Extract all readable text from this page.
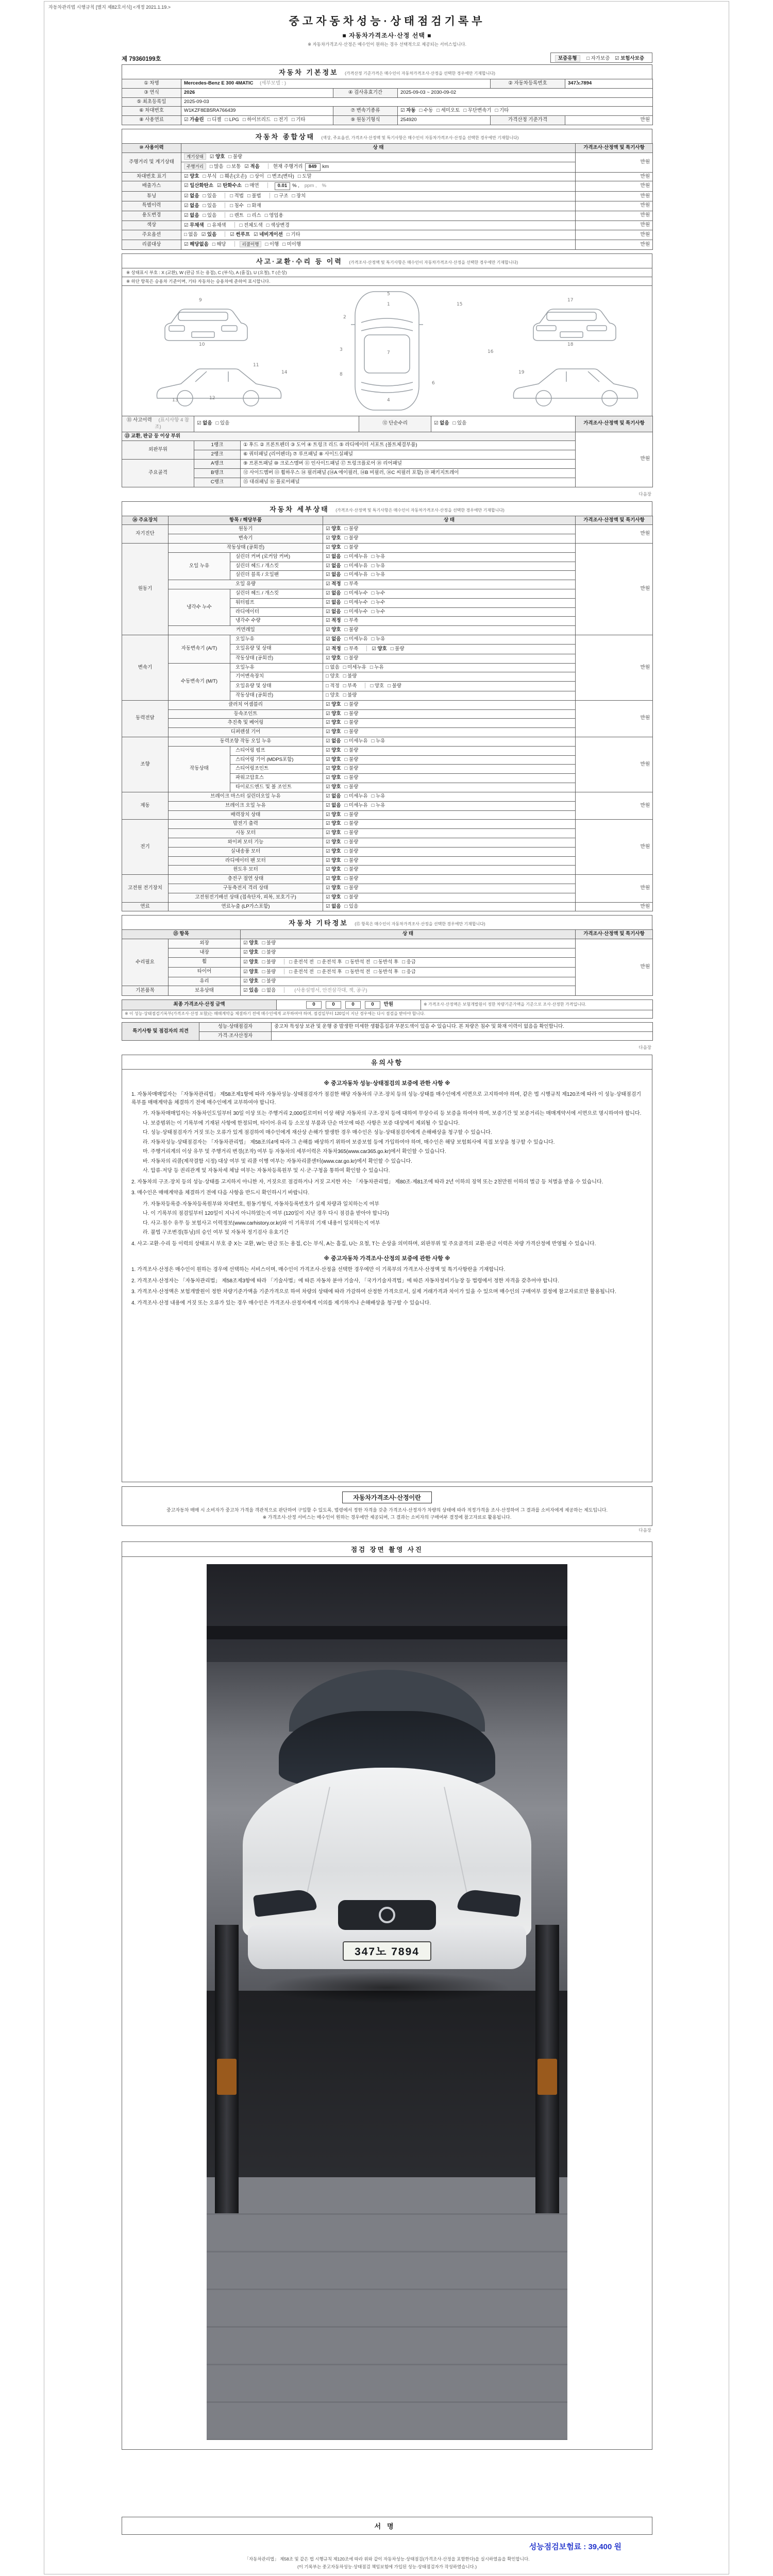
자동차관리법 시행규칙 [별지 제82호서식] <개정 2021.1.19.>
중고자동차성능·상태점검기록부
■ 자동차가격조사·산정 선택 ■
※ 자동차가격조사·산정은 매수인이 원하는 경우 선택적으로 제공되는 서비스입니다.
제 79360199호	보증유형 □ 자가보증 ☑ 보험사보증
자동차 기본정보 (가격산정 기준가격은 매수인이 자동차가격조사·산정을 선택한 경우에만 기재합니다)
① 차명	Mercedes-Benz E 300 4MATIC (세부모델 : )			② 자동차등록번호	347노7894
③ 연식	2026	④ 검사유효기간	2025-09-03 ~ 2030-09-02		
⑤ 최초등록일	2025-09-03				
⑥ 차대번호	W1KZF8EB5RA766439	⑦ 변속기종류	☑ 자동 □ 수동 □ 세미오토 □ 무단변속기 □ 기타		
⑧ 사용연료	☑ 가솔린 □ 디젤 □ LPG □ 하이브리드 □ 전기 □ 기타	⑨ 원동기형식	254920	가격산정 기준가격	만원
자동차 종합상태 (색상, 주요옵션, 가격조사·산정액 및 특기사항은 매수인이 자동차가격조사·산정을 선택한 경우에만 기재합니다)
⑩ 사용이력	상 태	가격조사·산정액 및 특기사항
주행거리 및 계기상태	계기상태 ☑ 양호 □ 불량	만원
	주행거리 □ 많음 □ 보통 ☑ 적음 현재 주행거리 849 km	
차대번호 표기	☑ 양호 □ 부식 □ 훼손(오손) □ 상이 □ 변조(변타) □ 도말	만원
배출가스	☑ 일산화탄소 ☑ 탄화수소 □ 매연 0.01 % , ppm , %	만원
튜닝	☑ 없음 □ 있음 □ 적법 □ 불법 □ 구조 □ 장치	만원
특별이력	☑ 없음 □ 있음 □ 침수 □ 화재	만원
용도변경	☑ 없음 □ 있음 □ 렌트 □ 리스 □ 영업용	만원
색상	☑ 무채색 □ 유채색 □ 전체도색 □ 색상변경	만원
주요옵션	□ 없음 ☑ 있음 ☑ 썬루프 ☑ 네비게이션 □ 기타	만원
리콜대상	☑ 해당없음 □ 해당 리콜이행 □ 이행 □ 미이행	만원
사고·교환·수리 등 이력 (가격조사·산정액 및 특기사항은 매수인이 자동차가격조사·산정을 선택한 경우에만 기재합니다)
※ 상태표시 부호 : X (교환), W (판금 또는 용접), C (부식), A (흠집), U (요철), T (손상)
※ 하단 항목은 승용차 기준이며, 기타 자동차는 승용차에 준하여 표시합니다.
1
2
3
4
5
6
7
8
9
10
11
12
13
14
15
16
17
18
19
⑪ 사고이력 (표시사항 4 참조)	☑ 없음 □ 있음		⑫ 단순수리	☑ 없음 □ 있음	가격조사·산정액 및 특기사항
⑬ 교환, 판금 등 이상 부위					만원
외판부위	1랭크	① 후드 ② 프론트펜더 ③ 도어 ④ 트렁크 리드 ⑤ 라디에이터 서포트 (볼트체결부품)			
	2랭크	⑥ 쿼터패널 (리어펜더) ⑦ 루프패널 ⑧ 사이드실패널			
주요골격	A랭크	⑨ 프론트패널 ⑩ 크로스멤버 ⑪ 인사이드패널 ⑰ 트렁크플로어 ⑱ 리어패널			
	B랭크	⑫ 사이드멤버 ⑬ 휠하우스 ⑭ 필러패널 (⑭A 에이필러, ⑭B 비필러, ⑭C 씨필러 포함) ⑲ 패키지트레이			
	C랭크	⑮ 대쉬패널 ⑯ 플로어패널			
다음장
자동차 세부상태 (가격조사·산정액 및 특기사항은 매수인이 자동차가격조사·산정을 선택한 경우에만 기재합니다)
⑭ 주요장치	항목 / 해당부품		상 태	가격조사·산정액 및 특기사항
자기진단	원동기		☑ 양호 □ 불량	만원
	변속기		☑ 양호 □ 불량	
원동기	작동상태 (공회전)		☑ 양호 □ 불량	만원
	오일 누유	실린더 커버 (로커암 커버)	☑ 없음 □ 미세누유 □ 누유	
		실린더 헤드 / 개스킷	☑ 없음 □ 미세누유 □ 누유	
		실린더 블록 / 오일팬	☑ 없음 □ 미세누유 □ 누유	
	오일 유량		☑ 적정 □ 부족	
	냉각수 누수	실린더 헤드 / 개스킷	☑ 없음 □ 미세누수 □ 누수	
		워터펌프	☑ 없음 □ 미세누수 □ 누수	
		라디에이터	☑ 없음 □ 미세누수 □ 누수	
		냉각수 수량	☑ 적정 □ 부족	
	커먼레일		☑ 양호 □ 불량	
변속기	자동변속기 (A/T)	오일누유	☑ 없음 □ 미세누유 □ 누유	만원
		오일유량 및 상태	☑ 적정 □ 부족 ☑ 양호 □ 불량	
		작동상태 (공회전)	☑ 양호 □ 불량	
	수동변속기 (M/T)	오일누유	□ 없음 □ 미세누유 □ 누유	
		기어변속장치	□ 양호 □ 불량	
		오일유량 및 상태	□ 적정 □ 부족 □ 양호 □ 불량	
		작동상태 (공회전)	□ 양호 □ 불량	
동력전달	클러치 어셈블리		☑ 양호 □ 불량	만원
	등속조인트		☑ 양호 □ 불량	
	추진축 및 베어링		☑ 양호 □ 불량	
	디퍼렌셜 기어		☑ 양호 □ 불량	
조향	동력조향 작동 오일 누유		☑ 없음 □ 미세누유 □ 누유	만원
	작동상태	스티어링 펌프	☑ 양호 □ 불량	
		스티어링 기어 (MDPS포함)	☑ 양호 □ 불량	
		스티어링조인트	☑ 양호 □ 불량	
		파워고압호스	☑ 양호 □ 불량	
		타이로드엔드 및 볼 조인트	☑ 양호 □ 불량	
제동	브레이크 마스터 실린더오일 누유		☑ 없음 □ 미세누유 □ 누유	만원
	브레이크 오일 누유		☑ 없음 □ 미세누유 □ 누유	
	배력장치 상태		☑ 양호 □ 불량	
전기	발전기 출력		☑ 양호 □ 불량	만원
	시동 모터		☑ 양호 □ 불량	
	와이퍼 모터 기능		☑ 양호 □ 불량	
	실내송풍 모터		☑ 양호 □ 불량	
	라디에이터 팬 모터		☑ 양호 □ 불량	
	윈도우 모터		☑ 양호 □ 불량	
고전원 전기장치	충전구 절연 상태		☑ 양호 □ 불량	만원
	구동축전지 격리 상태		☑ 양호 □ 불량	
	고전원전기배선 상태 (접속단자, 피복, 보호기구)		☑ 양호 □ 불량	
연료	연료누출 (LP가스포함)		☑ 없음 □ 있음	만원
자동차 기타정보 (⑮ 항목은 매수인이 자동차가격조사·산정을 선택한 경우에만 기재합니다)
⑮ 항목		상 태	가격조사·산정액 및 특기사항
수리필요	외장	☑ 양호 □ 불량	만원
	내장	☑ 양호 □ 불량	
	휠	☑ 양호 □ 불량 □ 운전석 전 □ 운전석 후 □ 동반석 전 □ 동반석 후 □ 응급	
	타이어	☑ 양호 □ 불량 □ 운전석 전 □ 운전석 후 □ 동반석 전 □ 동반석 후 □ 응급	
	유리	☑ 양호 □ 불량	
기본품목	보유상태	☑ 있음 □ 없음 (사용설명서, 안전삼각대, 잭, 공구)	
최종 가격조사·산정 금액	0	0	0	0 만원	※ 가격조사·산정액은 보험개발원이 정한 차량기준가액을 기준으로 조사·산정한 가격입니다.
※ 이 성능·상태점검기록부(가격조사·산정 포함)는 매매계약을 체결하기 전에 매수인에게 교부하여야 하며, 점검일부터 120일이 지난 경우에는 다시 점검을 받아야 합니다.
특기사항 및 점검자의 의견	성능·상태점검자	중고차 특성상 보관 및 운행 중 발생한 미세한 생활흠집과 부분도색이 있을 수 있습니다. 본 차량은 침수 및 화재 이력이 없음을 확인합니다.
	가격·조사산정자	
다음장
유의사항
※ 중고자동차 성능·상태점검의 보증에 관한 사항 ※
1. 자동차매매업자는 「자동차관리법」 제58조제1항에 따라 자동차성능·상태점검자가 점검한 해당 자동차의 구조·장치 등의 성능·상태를 매수인에게 서면으로 고지하여야 하며, 같은 법 시행규칙 제120조에 따라 이 성능·상태점검기록부를 매매계약을 체결하기 전에 매수인에게 교부하여야 합니다.
가. 자동차매매업자는 자동차인도일부터 30일 이상 또는 주행거리 2,000킬로미터 이상 해당 자동차의 구조·장치 등에 대하여 무상수리 등 보증을 하여야 하며, 보증기간 및 보증거리는 매매계약서에 서면으로 명시하여야 합니다.
나. 보증범위는 이 기록부에 기재된 사항에 한정되며, 타이어·유리 등 소모성 부품과 단순 마모에 따른 사항은 보증 대상에서 제외될 수 있습니다.
다. 성능·상태점검자가 거짓 또는 오류가 있게 점검하여 매수인에게 재산상 손해가 발생한 경우 매수인은 성능·상태점검자에게 손해배상을 청구할 수 있습니다.
라. 자동차성능·상태점검자는 「자동차관리법」 제58조의4에 따라 그 손해를 배상하기 위하여 보증보험 등에 가입하여야 하며, 매수인은 해당 보험회사에 직접 보상을 청구할 수 있습니다.
마. 주행거리계의 이상 유무 및 주행거리 변경(조작) 여부 등 자동차의 세부이력은 자동차365(www.car365.go.kr)에서 확인할 수 있습니다.
바. 자동차의 리콜(제작결함 시정) 대상 여부 및 리콜 이행 여부는 자동차리콜센터(www.car.go.kr)에서 확인할 수 있습니다.
사. 압류·저당 등 권리관계 및 자동차세 체납 여부는 자동차등록원부 및 시·군·구청을 통하여 확인할 수 있습니다.
2. 자동차의 구조·장치 등의 성능·상태를 고지하지 아니한 자, 거짓으로 점검하거나 거짓 고지한 자는 「자동차관리법」 제80조·제81조에 따라 2년 이하의 징역 또는 2천만원 이하의 벌금 등 처벌을 받을 수 있습니다.
3. 매수인은 매매계약을 체결하기 전에 다음 사항을 반드시 확인하시기 바랍니다.
가. 자동차등록증·자동차등록원부와 차대번호, 원동기형식, 자동차등록번호가 실제 차량과 일치하는지 여부
나. 이 기록부의 점검일부터 120일이 지나지 아니하였는지 여부 (120일이 지난 경우 다시 점검을 받아야 합니다)
다. 사고·침수 유무 등 보험사고 이력정보(www.carhistory.or.kr)와 이 기록부의 기재 내용이 일치하는지 여부
라. 불법 구조변경(튜닝)의 승인 여부 및 자동차 정기검사 유효기간
4. 사고·교환·수리 등 이력의 상태표시 부호 중 X는 교환, W는 판금 또는 용접, C는 부식, A는 흠집, U는 요철, T는 손상을 의미하며, 외판부위 및 주요골격의 교환·판금 이력은 차량 가격산정에 반영될 수 있습니다.
※ 중고자동차 가격조사·산정의 보증에 관한 사항 ※
1. 가격조사·산정은 매수인이 원하는 경우에 선택하는 서비스이며, 매수인이 가격조사·산정을 선택한 경우에만 이 기록부의 가격조사·산정액 및 특기사항란을 기재합니다.
2. 가격조사·산정자는 「자동차관리법」 제58조제3항에 따라 「기술사법」에 따른 자동차 분야 기술사, 「국가기술자격법」에 따른 자동차정비기능장 등 법령에서 정한 자격을 갖추어야 합니다.
3. 가격조사·산정액은 보험개발원이 정한 차량기준가액을 기준가격으로 하여 차량의 상태에 따라 가감하여 산정한 가격으로서, 실제 거래가격과 차이가 있을 수 있으며 매수인의 구매여부 결정에 참고자료로만 활용됩니다.
4. 가격조사·산정 내용에 거짓 또는 오류가 있는 경우 매수인은 가격조사·산정자에게 이의를 제기하거나 손해배상을 청구할 수 있습니다.
자동차가격조사·산정이란
중고자동차 매매 시 소비자가 중고차 가격을 객관적으로 판단하여 구입할 수 있도록, 법령에서 정한 자격을 갖춘 가격조사·산정자가 차량의 상태에 따라 적정가격을 조사·산정하여 그 결과를 소비자에게 제공하는 제도입니다.
※ 가격조사·산정 서비스는 매수인이 원하는 경우에만 제공되며, 그 결과는 소비자의 구매여부 결정에 참고자료로 활용됩니다.
다음장
점검 장면 촬영 사진
347노 7894
서명
성능점검보험료 : 39,400 원
「자동차관리법」 제58조 및 같은 법 시행규칙 제120조에 따라 위와 같이 자동차성능·상태점검(가격조사·산정을 포함한다)을 실시하였음을 확인합니다.
(이 기록부는 중고자동차성능·상태점검 책임보험에 가입된 성능·상태점검자가 작성하였습니다.)
